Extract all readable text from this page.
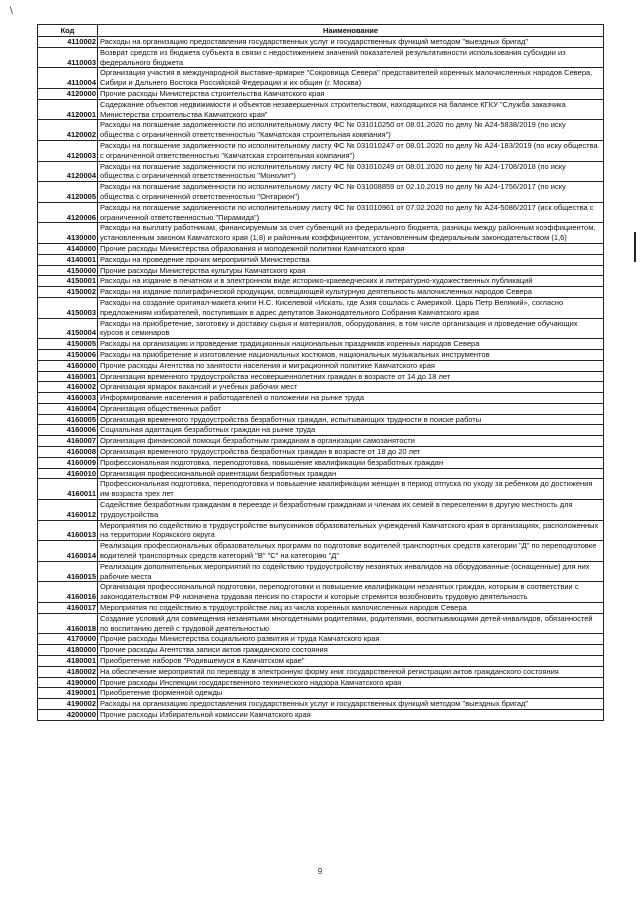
\
Код	Наименование
4110002	Расходы на организацию предоставления государственных услуг и государственных функций методом "выездных бригад"
4110003	Возврат средств из бюджета субъекта в связи с недостижением значений показателей результативности использования субсидии из федерального бюджета
4110004	Организация участия в международной выставке-ярмарке "Сокровища Севера" представителей коренных малочисленных народов Севера, Сибири и Дальнего Востока Российской Федерации и их общин (г. Москва)
4120000	Прочие расходы Министерства строительства Камчатского края
4120001	Содержание объектов недвижимости и объектов незавершенных строительством, находящихся на балансе КГКУ "Служба заказчика Министерства строительства Камчатского края"
4120002	Расходы на погашение задолженности по исполнительному листу ФС № 031010250 от 08.01.2020 по делу № А24-5838/2019 (по иску общества с ограниченной ответственностью "Камчатская строительная компания")
4120003	Расходы на погашение задолженности по исполнительному листу ФС № 031010247 от 08.01.2020 по делу № А24-183/2019 (по иску общества с ограниченной ответственностью "Камчатская строительная компания")
4120004	Расходы на погашение задолженности по исполнительному листу ФС № 031010249 от 08.01.2020 по делу № А24-1708/2018 (по иску общества с ограниченной ответственностью "Монолит")
4120005	Расходы на погашение задолженности по исполнительному листу ФС № 031008859 от 02.10.2019 по делу № А24-1756/2017 (по иску общества с ограниченной ответственностью "Онтарион")
4120006	Расходы на погашение задолженности по исполнительному листу ФС № 031010961 от 07.02.2020 по делу № А24-5086/2017 (иск общества с ограниченной ответственностью "Пирамида")
4130000	Расходы на выплату работникам, финансируемым за счет субвенций из федерального бюджета, разницы между районным коэффициентом, установленным законом Камчатского края (1,8) и районным коэффициентом, установленным федеральным законодательством (1,6)
4140000	Прочие расходы Министерства образования и молодежной политики Камчатского края
4140001	Расходы на проведение прочих мероприятий Министерства
4150000	Прочие расходы Министерства культуры Камчатского края
4150001	Расходы на издание в печатном и в электронном виде историко-краеведческих и литературно-художественных публикаций
4150002	Расходы на издание полиграфической продукции, освещающей культурную деятельность малочисленных народов Севера
4150003	Расходы на создание оригинал-макета книги Н.С. Киселевой «Искать, где Азия сошлась с Америкой. Царь Петр Великий», согласно предложениям избирателей, поступивших в адрес депутатов Законодательного Собрания Камчатского края
4150004	Расходы на приобретение, заготовку и доставку сырья и материалов, оборудования, в том числе организация и проведение обучающих курсов и семинаров
4150005	Расходы на организацию и проведение традиционных национальных праздников коренных народов Севера
4150006	Расходы на приобретение и изготовление национальных костюмов, национальных музыкальных инструментов
4160000	Прочие расходы Агентства по занятости населения и миграционной политике Камчатского края
4160001	Организация временного трудоустройства несовершеннолетних граждан в возрасте от 14 до 18 лет
4160002	Организация ярмарок вакансий и учебных рабочих мест
4160003	Информирование населения и работодателей о положении на рынке труда
4160004	Организация общественных работ
4160005	Организация временного трудоустройства безработных граждан, испытывающих трудности в поиске работы
4160006	Социальная адаптация безработных граждан на рынке труда
4160007	Организация финансовой помощи безработным гражданам в организации самозанятости
4160008	Организация временного трудоустройства безработных граждан в возрасте от 18 до 20 лет
4160009	Профессиональная подготовка, переподготовка, повышение квалификации безработных граждан
4160010	Организация профессиональной ориентации безработных граждан
4160011	Профессиональная подготовка, переподготовка и повышение квалификации женщин в период отпуска по уходу за ребенком до достижения им возраста трех лет
4160012	Содействие безработным гражданам в переезде и безработным гражданам и членам их семей в переселении в другую местность для трудоустройства
4160013	Мероприятия по содействию в трудоустройстве выпускников образовательных учреждений Камчатского края в организациях, расположенных на территории Корякского округа
4160014	Реализация профессиональных образовательных программ по подготовке водителей транспортных средств категории "Д" по переподготовке водителей транспортных средств категорий "В" "С" на категорию "Д"
4160015	Реализация дополнительных мероприятий по содействию трудоустройству незанятых инвалидов на оборудованные (оснащенные) для них рабочие места
4160016	Организация профессиональной подготовки, переподготовки и повышение квалификации незанятых граждан, которым в соответствии с законодательством РФ назначена трудовая пенсия по старости и которые стремятся возобновить трудовую деятельность
4160017	Мероприятия по содействию в трудоустройстве лиц из числа коренных малочисленных народов Севера
4160018	Создание условий для совмещения незанятыми многодетными родителями, родителями, воспитывающими детей-инвалидов, обязанностей по воспитанию детей с трудовой деятельностью
4170000	Прочие расходы Министерства социального развития и труда Камчатского края
4180000	Прочие расходы Агентства записи актов гражданского состояния
4180001	Приобретение наборов "Родившемуся в Камчатском крае"
4180002	На обеспечение мероприятий по переводу в электронную форму книг государственной регистрации актов гражданского состояния
4190000	Прочие расходы Инспекции государственного технического надзора Камчатского края
4190001	Приобретение форменной одежды
4190002	Расходы на организацию предоставления государственных услуг и государственных функций методом "выездных бригад"
4200000	Прочие расходы Избирательной комиссии Камчатского края
9
